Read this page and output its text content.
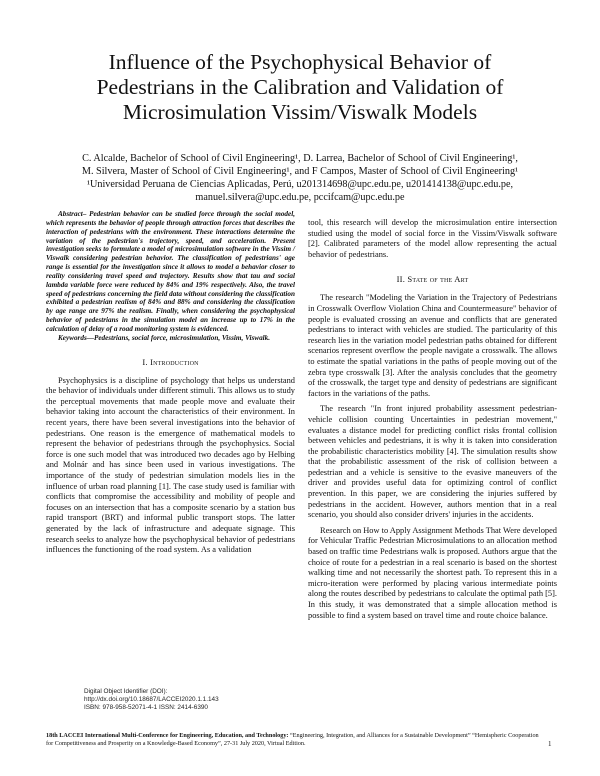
Influence of the Psychophysical Behavior of
Pedestrians in the Calibration and Validation of
Microsimulation Vissim/Viswalk Models
C. Alcalde, Bachelor of School of Civil Engineering¹, D. Larrea, Bachelor of School of Civil Engineering¹,
M. Silvera, Master of School of Civil Engineering¹, and F Campos, Master of School of Civil Engineering¹
¹Universidad Peruana de Ciencias Aplicadas, Perú, u201314698@upc.edu.pe, u201414138@upc.edu.pe,
manuel.silvera@upc.edu.pe, pccifcam@upc.edu.pe

Abstract– Pedestrian behavior can be studied force through the social model, which represents the behavior of people through attraction forces that describes the interaction of pedestrians with the environment. These interactions determine the variation of the pedestrian's trajectory, speed, and acceleration. Present investigation seeks to formulate a model of microsimulation software in the Vissim / Viswalk considering pedestrian behavior. The classification of pedestrians' age range is essential for the investigation since it allows to model a behavior closer to reality considering travel speed and trajectory. Results show that tau and social lambda variable force were reduced by 84% and 19% respectively. Also, the travel speed of pedestrians concerning the field data without considering the classification exhibited a pedestrian realism of 84% and 88% and considering the classification by age range are 97% the realism. Finally, when considering the psychophysical behavior of pedestrians in the simulation model an increase up to 17% in the calculation of delay of a road monitoring system is evidenced.

Keywords—Pedestrians, social force, microsimulation, Vissim, Viswalk.

I. Introduction

Psychophysics is a discipline of psychology that helps us understand the behavior of individuals under different stimuli. This allows us to study the perceptual movements that made people move and evaluate their behavior taking into account the characteristics of their environment. In recent years, there have been several investigations into the behavior of pedestrians. One reason is the emergence of mathematical models to represent the behavior of pedestrians through the psychophysics. Social force is one such model that was introduced two decades ago by Helbing and Molnár and has since been used in various investigations. The importance of the study of pedestrian simulation models lies in the influence of urban road planning [1]. The case study used is familiar with conflicts that compromise the accessibility and mobility of people and focuses on an intersection that has a composite scenario by a station bus rapid transport (BRT) and informal public transport stops. The latter generated by the lack of infrastructure and adequate signage. This research seeks to analyze how the psychophysical behavior of pedestrians influences the functioning of the road system. As a validation

tool, this research will develop the microsimulation entire intersection studied using the model of social force in the Vissim/Viswalk software [2]. Calibrated parameters of the model allow representing the actual behavior of pedestrians.

II. State of the Art

The research "Modeling the Variation in the Trajectory of Pedestrians in Crosswalk Overflow Violation China and Countermeasure" behavior of people is evaluated crossing an avenue and conflicts that are generated pedestrians to interact with vehicles are studied. The particularity of this research lies in the variation model pedestrian paths obtained for different scenarios represent overflow the people navigate a crosswalk. The allows to estimate the spatial variations in the paths of people moving out of the zebra type crosswalk [3]. After the analysis concludes that the geometry of the crosswalk, the target type and density of pedestrians are significant factors in the variations of the paths.

The research "In front injured probability assessment pedestrian-vehicle collision counting Uncertainties in pedestrian movement," evaluates a distance model for predicting conflict risks frontal collision between vehicles and pedestrians, it is why it is taken into consideration the probabilistic characteristics mobility [4]. The simulation results show that the probabilistic assessment of the risk of collision between a pedestrian and a vehicle is sensitive to the evasive maneuvers of the driver and provides useful data for optimizing control of conflict prevention. In this paper, we are considering the injuries suffered by pedestrians in the accident. However, authors mention that in a real scenario, you should also consider drivers' injuries in the accidents.

Research on How to Apply Assignment Methods That Were developed for Vehicular Traffic Pedestrian Microsimulations to an allocation method based on traffic time Pedestrians walk is proposed. Authors argue that the choice of route for a pedestrian in a real scenario is based on the shortest walking time and not necessarily the shortest path. To represent this in a micro-iteration were performed by placing various intermediate points along the routes described by pedestrians to calculate the optimal path [5]. In this study, it was demonstrated that a simple allocation method is possible to find a system based on travel time and route choice balance.

Digital Object Identifier (DOI):
http://dx.doi.org/10.18687/LACCEI2020.1.1.143
ISBN: 978-958-52071-4-1 ISSN: 2414-6390
18th LACCEI International Multi-Conference for Engineering, Education, and Technology: “Engineering, Integration, and Alliances for a Sustainable Development” “Hemispheric Cooperation for Competitiveness and Prosperity on a Knowledge-Based Economy”, 27-31 July 2020, Virtual Edition.	1
